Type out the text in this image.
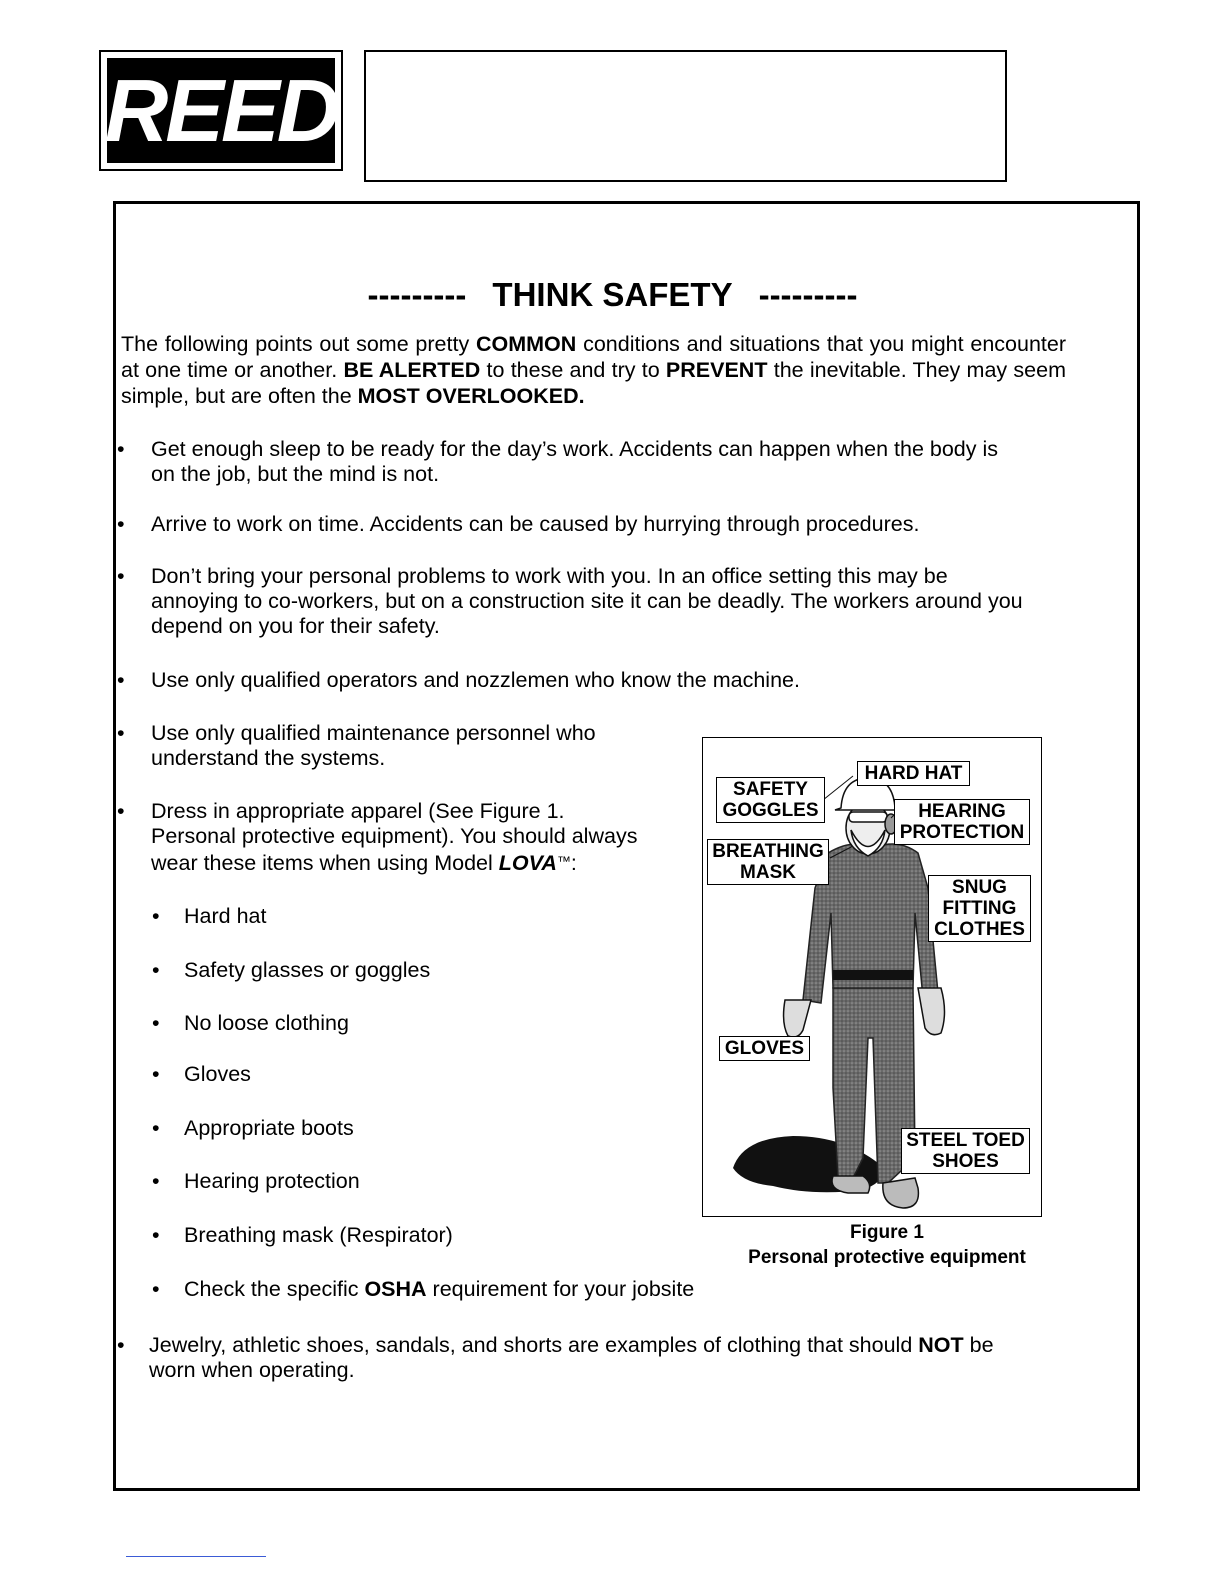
REED
--------- THINK SAFETY ---------
The following points out some pretty COMMON conditions and situations that you might encounter at one time or another. BE ALERTED to these and try to PREVENT the inevitable. They may seem simple, but are often the MOST OVERLOOKED.
• Get enough sleep to be ready for the day’s work. Accidents can happen when the body is
on the job, but the mind is not.
• Arrive to work on time. Accidents can be caused by hurrying through procedures.
• Don’t bring your personal problems to work with you. In an office setting this may be
annoying to co-workers, but on a construction site it can be deadly. The workers around you
depend on you for their safety.
• Use only qualified operators and nozzlemen who know the machine.
• Use only qualified maintenance personnel who
understand the systems.
• Dress in appropriate apparel (See Figure 1.
Personal protective equipment). You should always
wear these items when using Model LOVA™:
• Hard hat
• Safety glasses or goggles
• No loose clothing
• Gloves
• Appropriate boots
• Hearing protection
• Breathing mask (Respirator)
• Check the specific OSHA requirement for your jobsite
• Jewelry, athletic shoes, sandals, and shorts are examples of clothing that should NOT be
worn when operating.
HARD HAT
SAFETY
GOGGLES	HEARING
PROTECTION
BREATHING
MASK
SNUG
FITTING
CLOTHES
GLOVES
STEEL TOED
SHOES
Figure 1
Personal protective equipment
